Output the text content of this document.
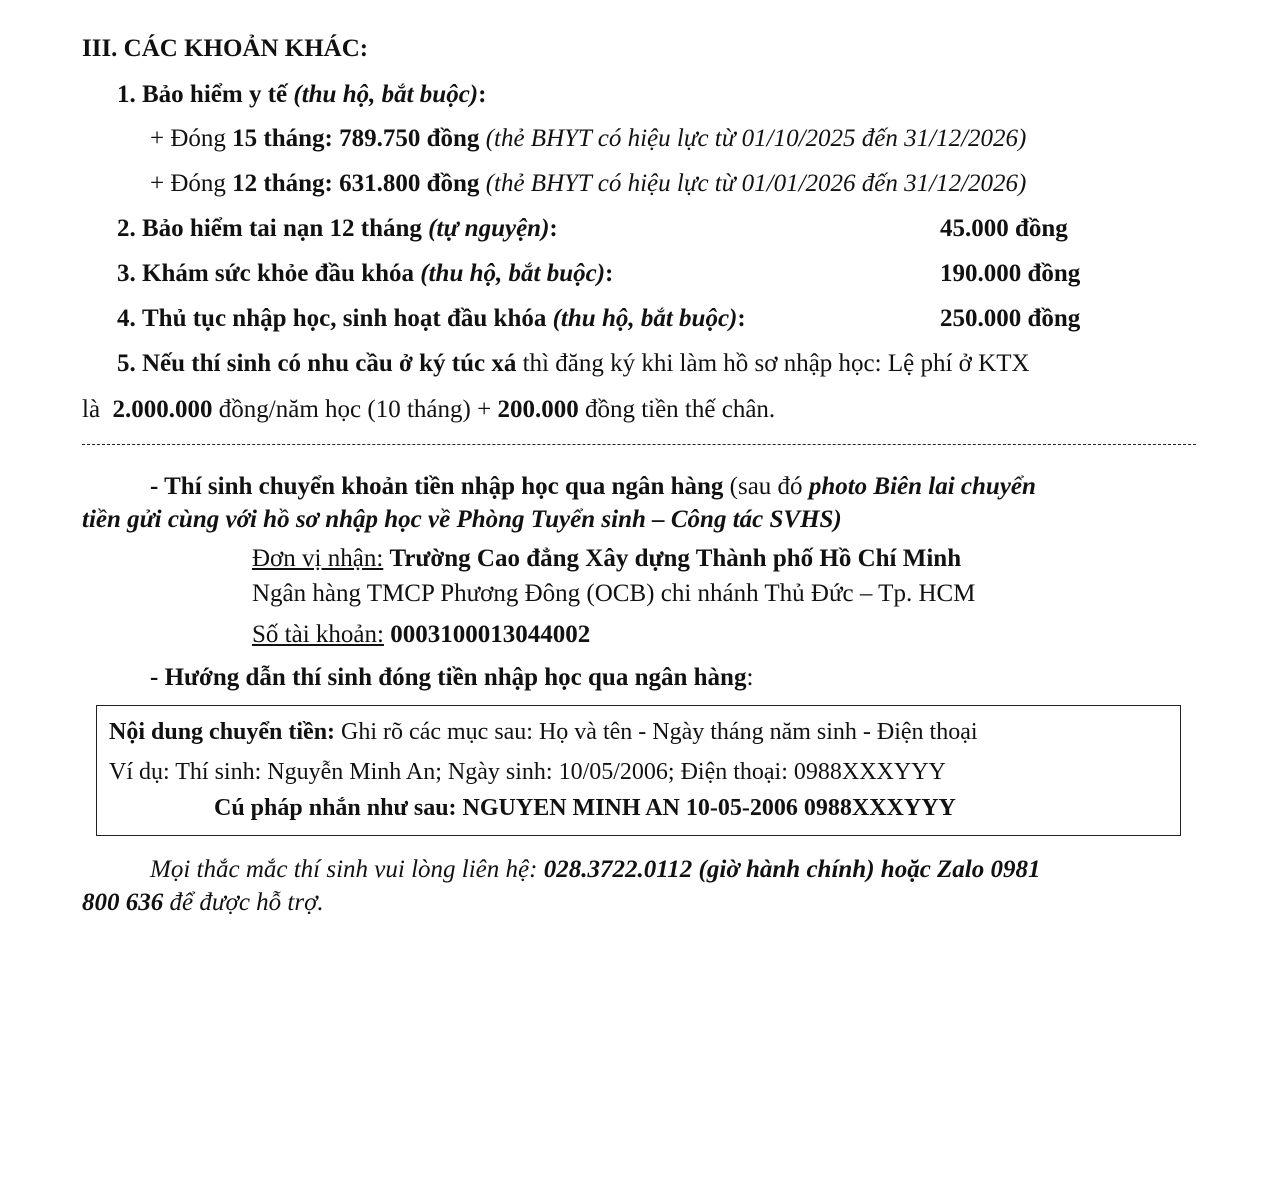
III. CÁC KHOẢN KHÁC:
1. Bảo hiểm y tế (thu hộ, bắt buộc):
+ Đóng 15 tháng: 789.750 đồng (thẻ BHYT có hiệu lực từ 01/10/2025 đến 31/12/2026)
+ Đóng 12 tháng: 631.800 đồng (thẻ BHYT có hiệu lực từ 01/01/2026 đến 31/12/2026)
2. Bảo hiểm tai nạn 12 tháng (tự nguyện):	45.000 đồng
3. Khám sức khỏe đầu khóa (thu hộ, bắt buộc):	190.000 đồng
4. Thủ tục nhập học, sinh hoạt đầu khóa (thu hộ, bắt buộc):	250.000 đồng
5. Nếu thí sinh có nhu cầu ở ký túc xá thì đăng ký khi làm hồ sơ nhập học: Lệ phí ở KTX
là 2.000.000 đồng/năm học (10 tháng) + 200.000 đồng tiền thế chân.
- Thí sinh chuyển khoản tiền nhập học qua ngân hàng (sau đó photo Biên lai chuyển
tiền gửi cùng với hồ sơ nhập học về Phòng Tuyển sinh – Công tác SVHS)
Đơn vị nhận: Trường Cao đẳng Xây dựng Thành phố Hồ Chí Minh
Ngân hàng TMCP Phương Đông (OCB) chi nhánh Thủ Đức – Tp. HCM
Số tài khoản: 0003100013044002
- Hướng dẫn thí sinh đóng tiền nhập học qua ngân hàng:
Nội dung chuyển tiền: Ghi rõ các mục sau: Họ và tên - Ngày tháng năm sinh - Điện thoại
Ví dụ: Thí sinh: Nguyễn Minh An; Ngày sinh: 10/05/2006; Điện thoại: 0988XXXYYY
Cú pháp nhắn như sau: NGUYEN MINH AN 10-05-2006 0988XXXYYY
Mọi thắc mắc thí sinh vui lòng liên hệ: 028.3722.0112 (giờ hành chính) hoặc Zalo 0981
800 636 để được hỗ trợ.
